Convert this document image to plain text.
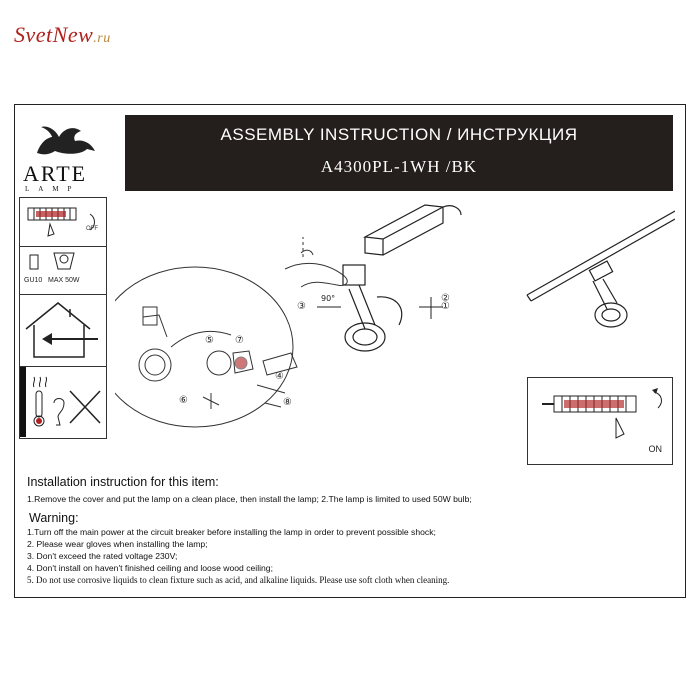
SvetNew.ru
ARTE
LAMP
ASSEMBLY INSTRUCTION / ИНСТРУКЦИЯ
A4300PL-1WH /BK
OFF
GU10 MAX 50W
①
②
③
④
⑤
⑥
⑦
⑧
90°
ON
Installation instruction for this item:
1.Remove the cover and put the lamp on a clean place, then install the lamp; 2.The lamp is limited to used 50W bulb;
Warning:
1.Turn off the main power at the circuit breaker before installing the lamp in order to prevent possible shock;
2. Please wear gloves when installing the lamp;
3. Don't exceed the rated voltage 230V;
4. Don't install on haven't finished ceiling and loose wood ceiling;
5. Do not use corrosive liquids to clean fixture such as acid, and alkaline liquids. Please use soft cloth when cleaning.
